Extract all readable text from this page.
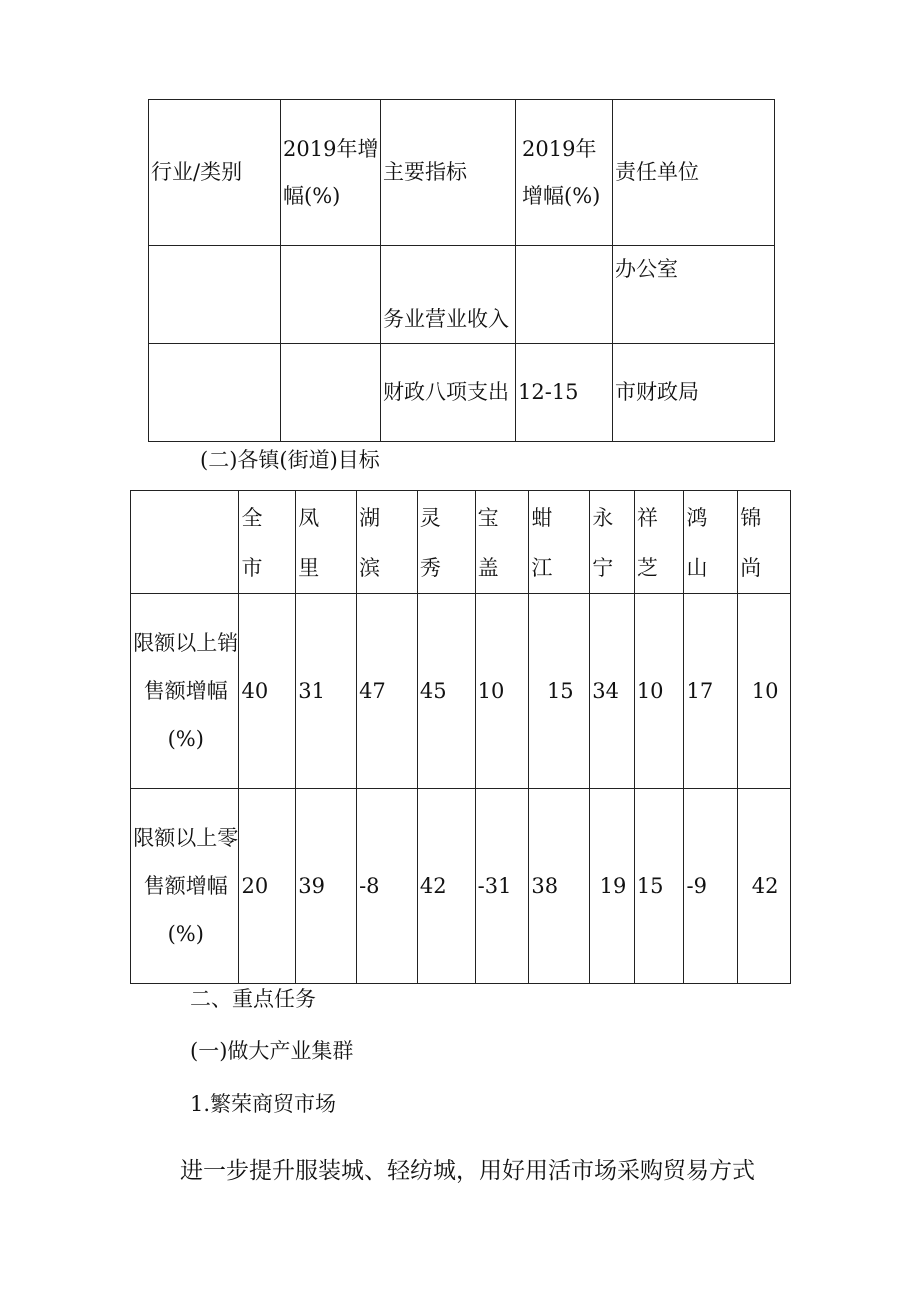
行业/类别	2019年增幅(%)	主要指标	2019年增幅(%)	责任单位
		务业营业收入		办公室
		财政八项支出	12-15	市财政局
(二)各镇(街道)目标

	全市	凤里	湖滨	灵秀	宝盖	蚶江	永宁	祥芝	鸿山	锦尚

限额以上销售额增幅(%)	40	31	47	45	10	15	34	10	17	10
限额以上零售额增幅(%)	20	39	-8	42	-31	38	19	15	-9	42
二、重点任务
(一)做大产业集群
1.繁荣商贸市场
进一步提升服装城、轻纺城，用好用活市场采购贸易方式
